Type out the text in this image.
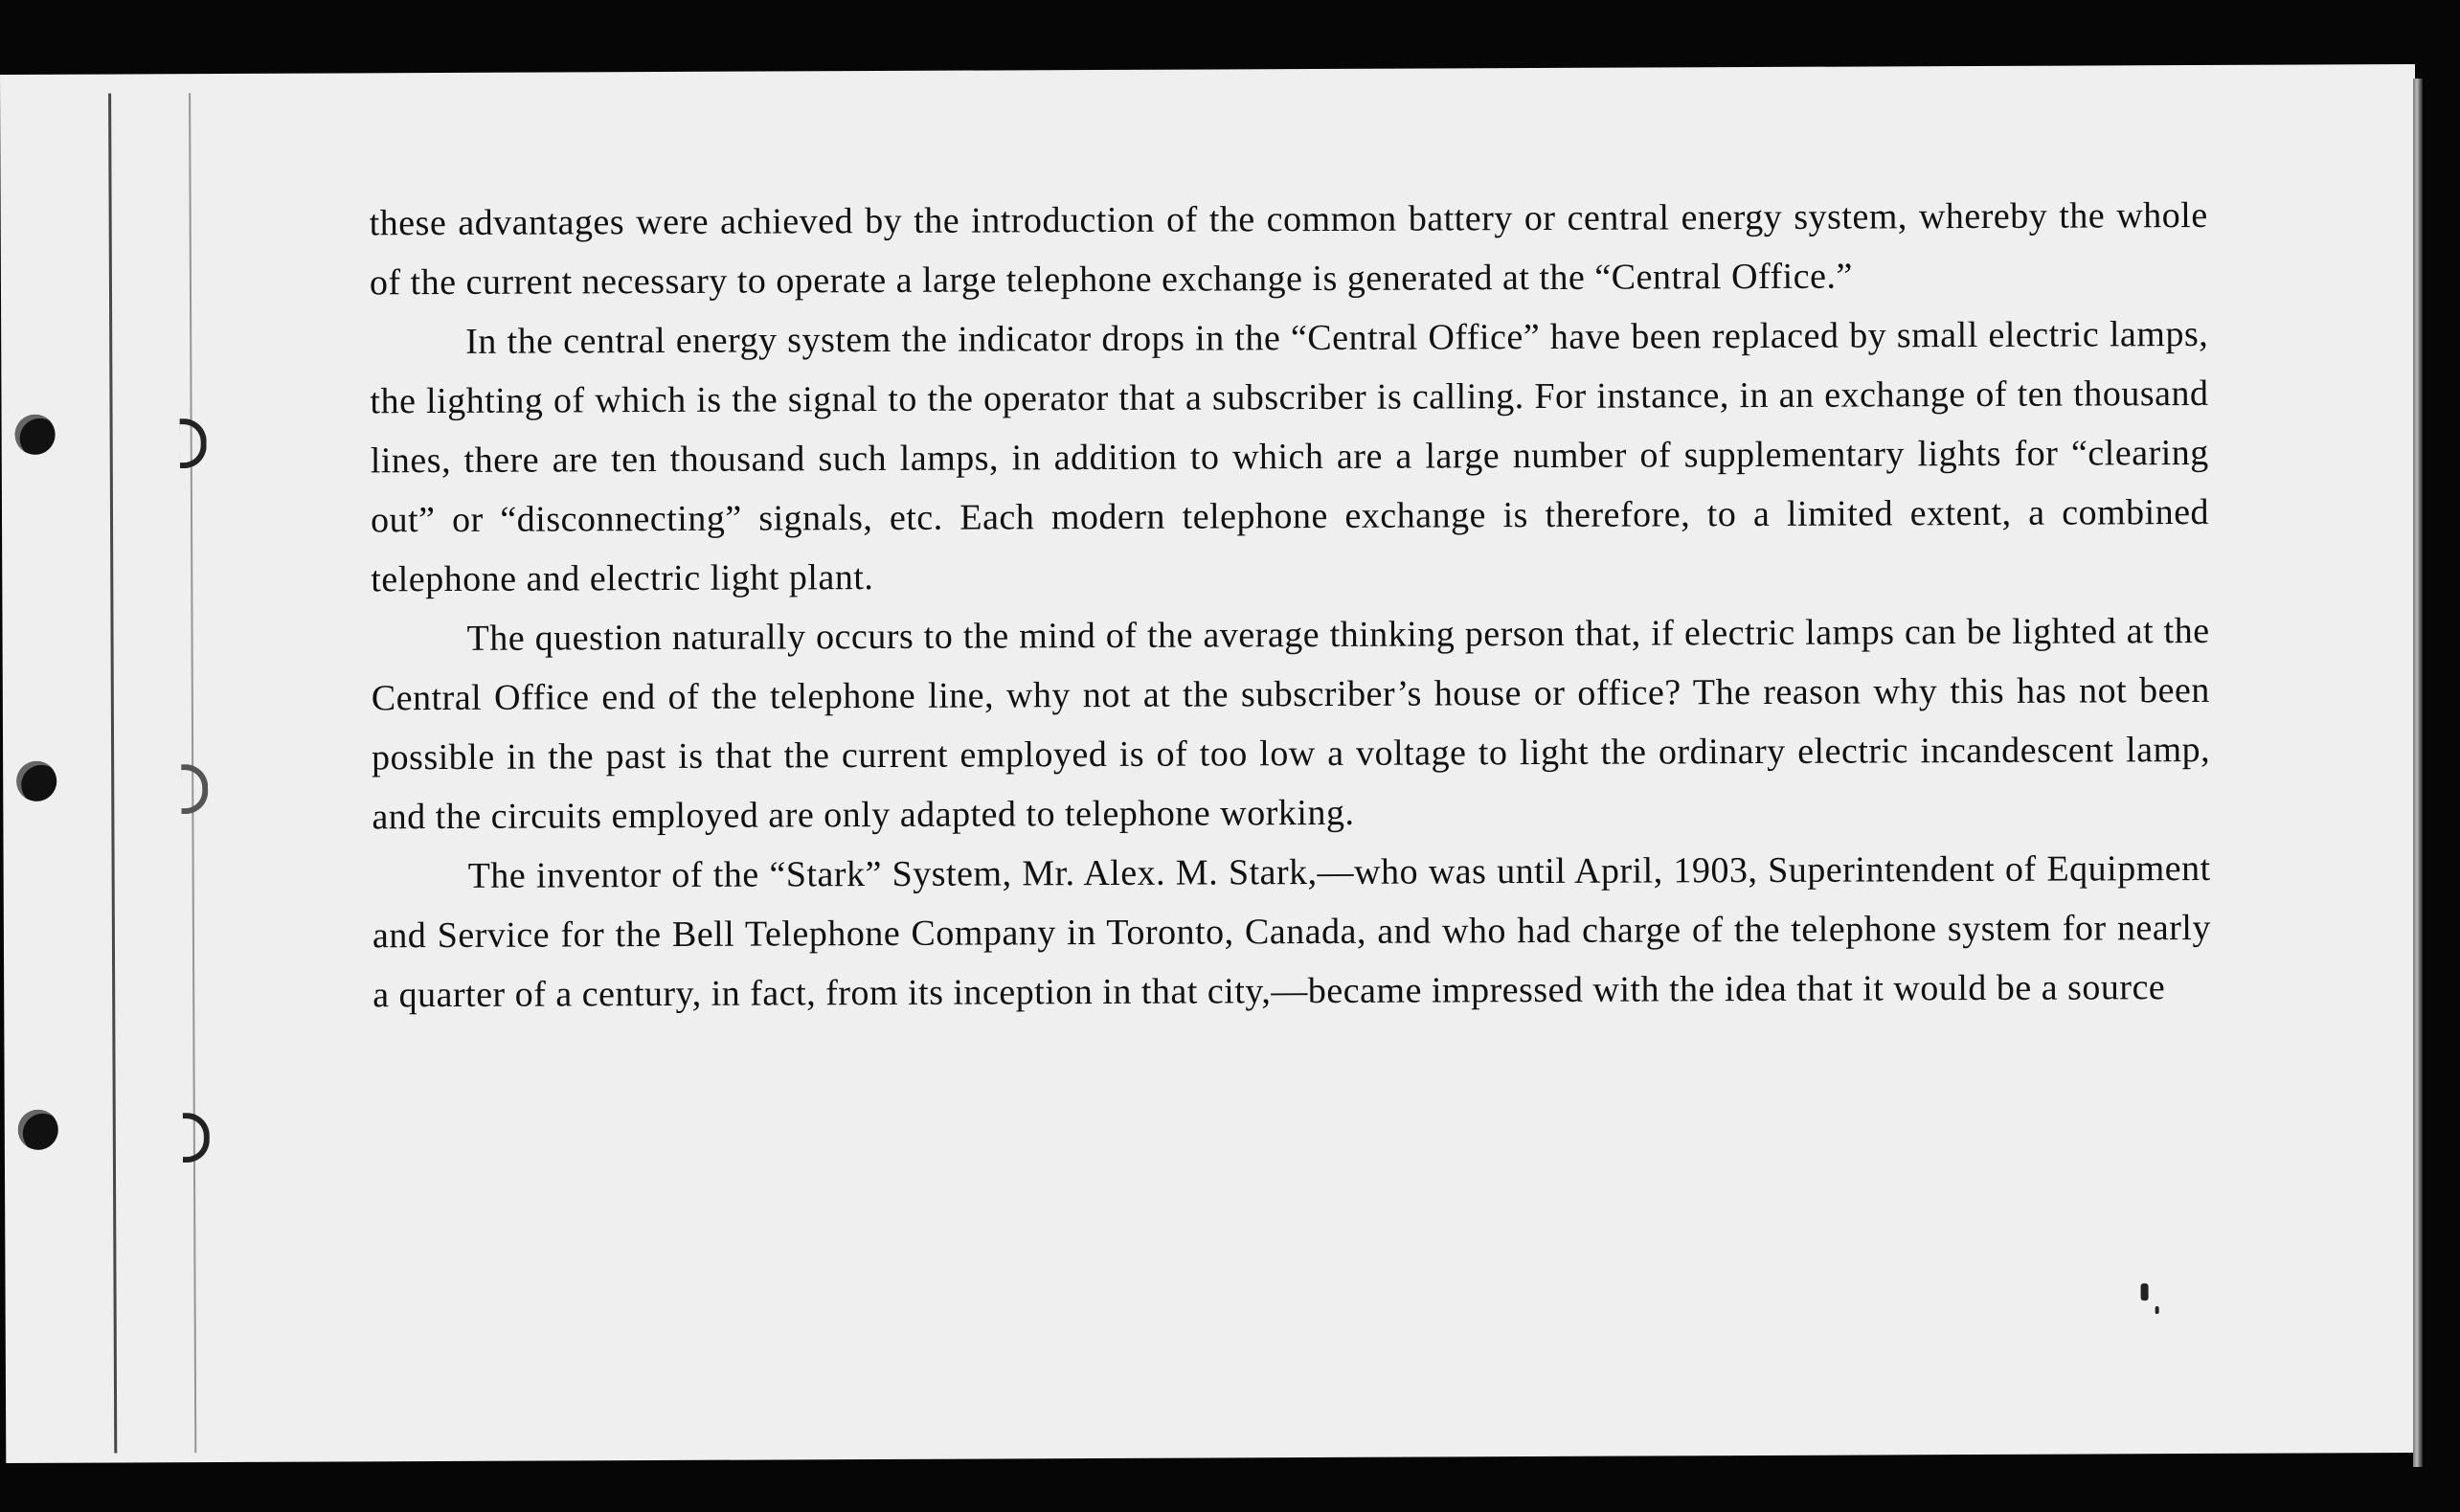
these advantages were achieved by the introduction of the common battery or central energy system, whereby the whole of the current necessary to operate a large telephone exchange is generated at the “Central Office.”

In the central energy system the indicator drops in the “Central Office” have been replaced by small electric lamps, the lighting of which is the signal to the operator that a subscriber is calling. For instance, in an exchange of ten thousand lines, there are ten thousand such lamps, in addition to which are a large number of supplementary lights for “clearing out” or “disconnecting” signals, etc. Each modern telephone exchange is therefore, to a limited extent, a combined telephone and electric light plant.

The question naturally occurs to the mind of the average thinking person that, if electric lamps can be lighted at the Central Office end of the telephone line, why not at the subscriber’s house or office? The reason why this has not been possible in the past is that the current employed is of too low a voltage to light the ordinary electric incandescent lamp, and the circuits employed are only adapted to telephone working.

The inventor of the “Stark” System, Mr. Alex. M. Stark,—who was until April, 1903, Superintendent of Equipment and Service for the Bell Telephone Company in Toronto, Canada, and who had charge of the telephone system for nearly a quarter of a century, in fact, from its inception in that city,—became impressed with the idea that it would be a source
